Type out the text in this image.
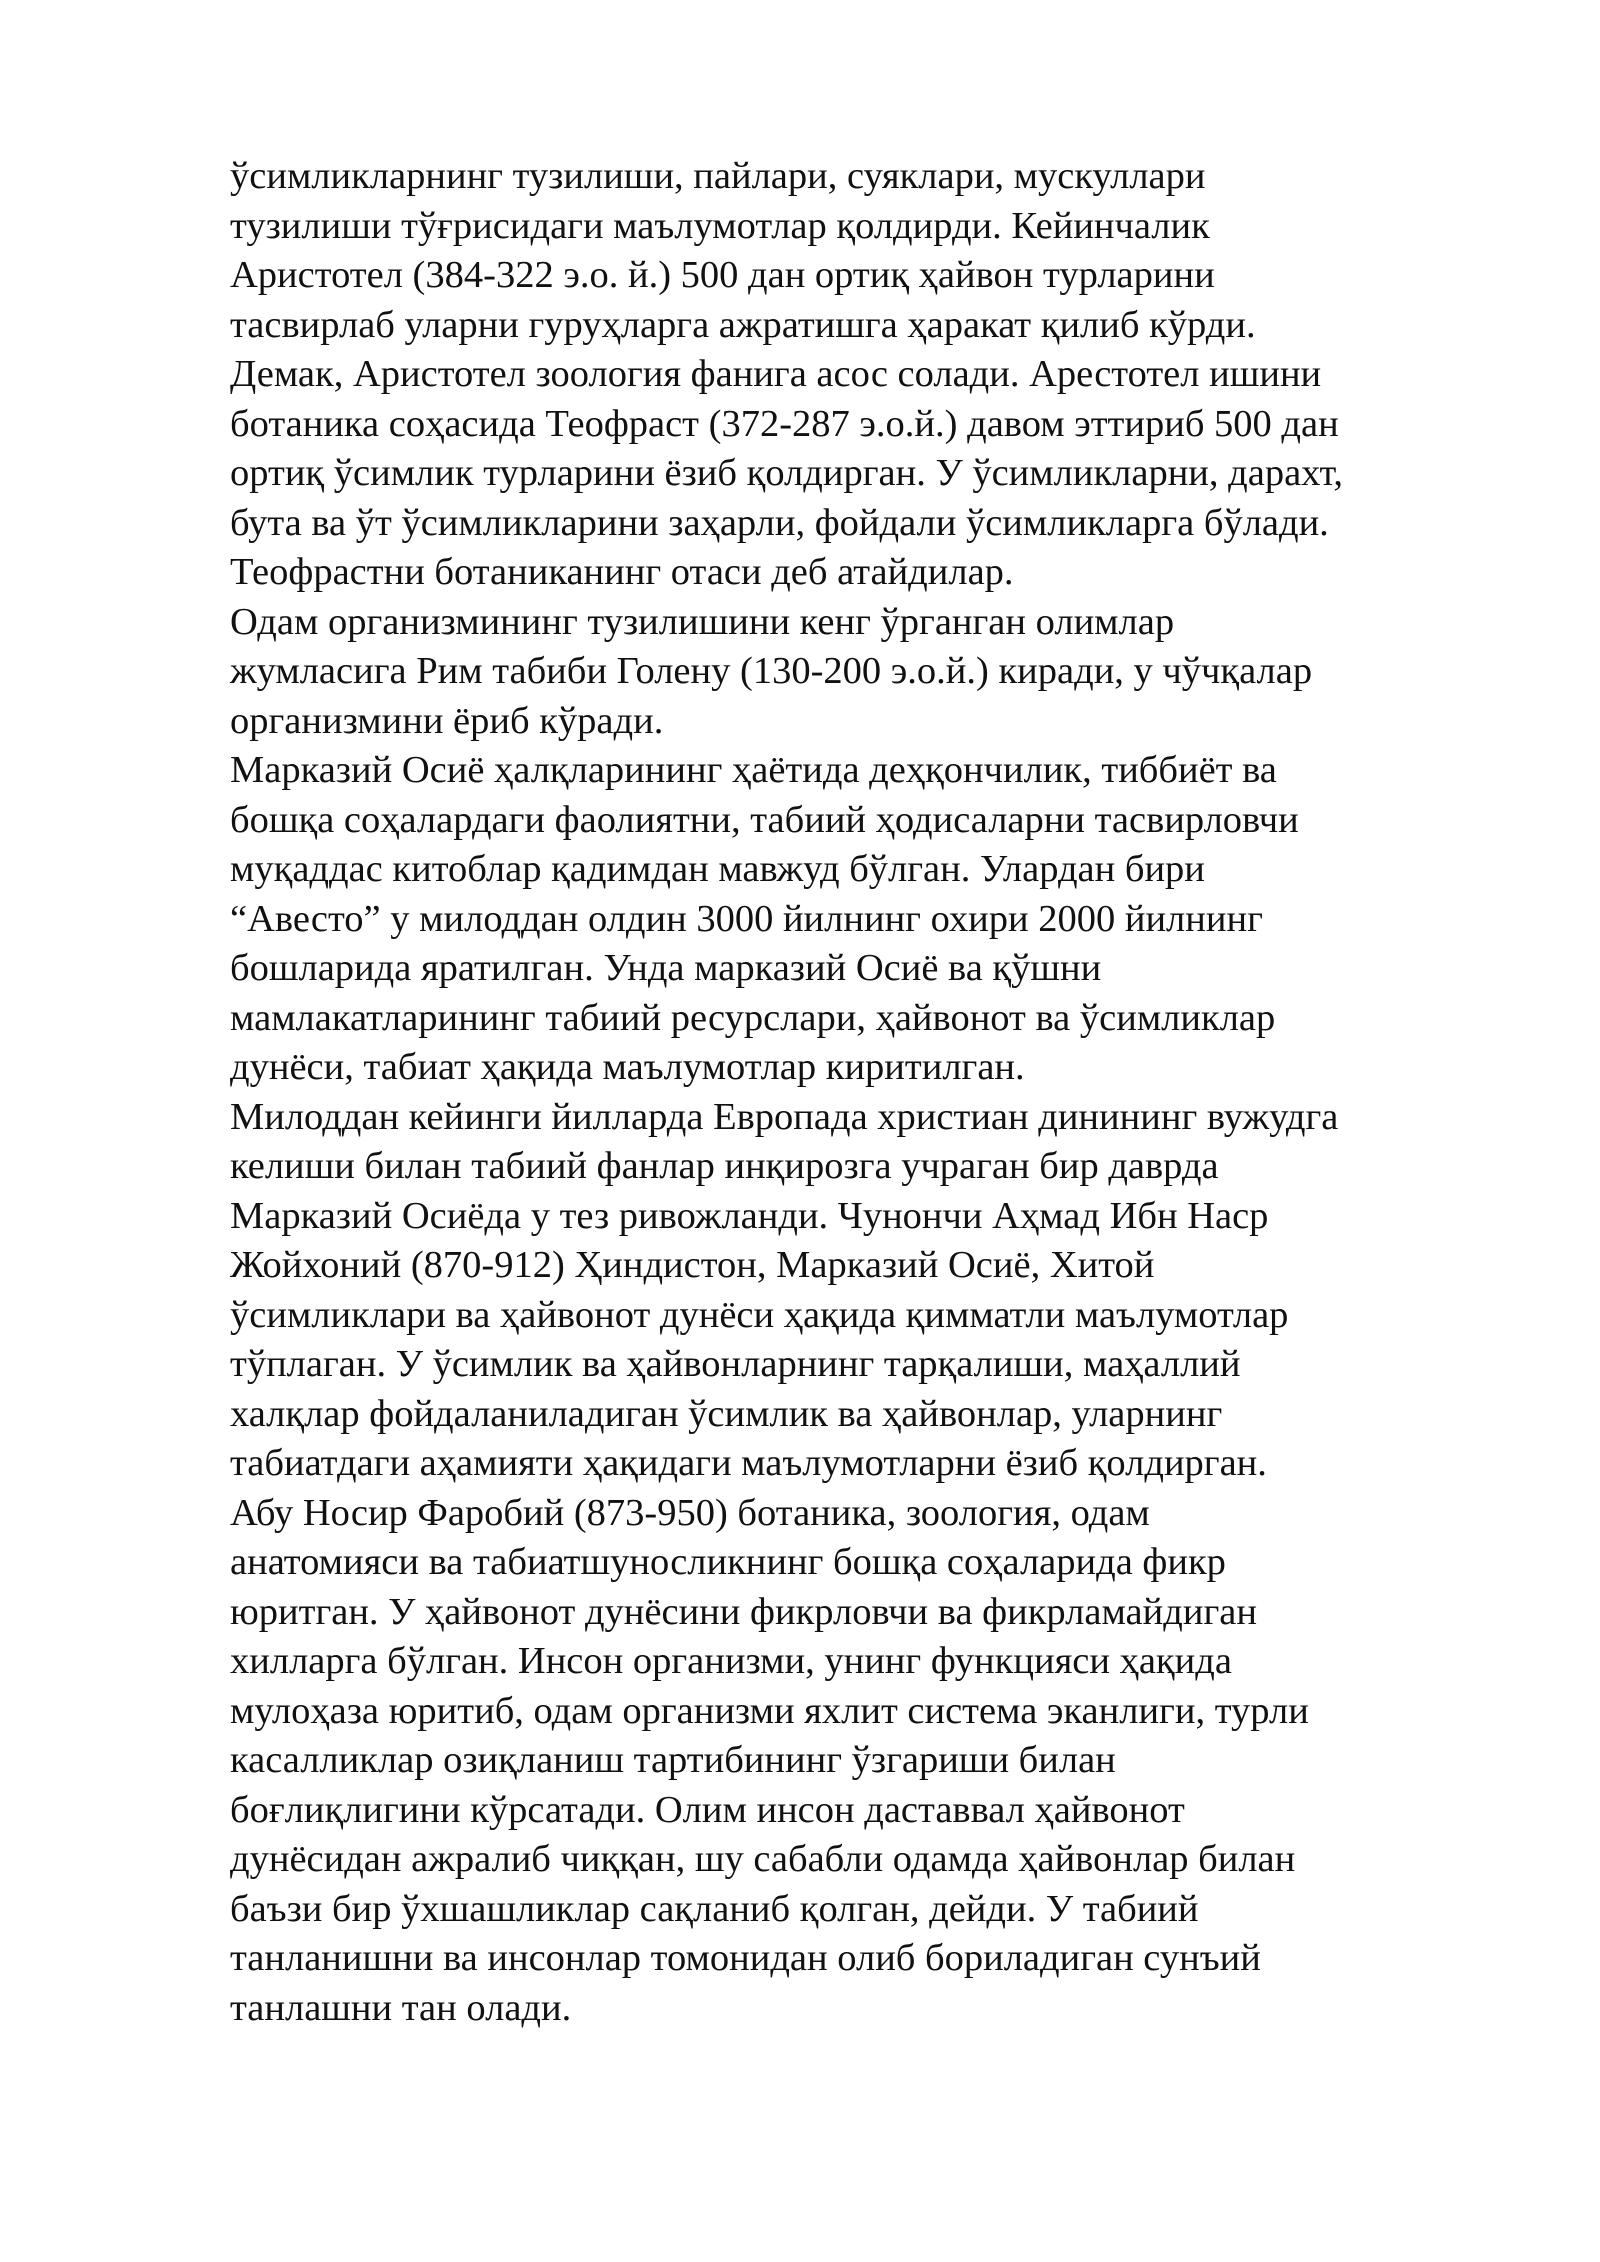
ўсимликларнинг тузилиши, пайлари, суяклари, мускуллари
тузилиши тўғрисидаги маълумотлар қолдирди. Кейинчалик
Аристотел (384-322 э.о. й.) 500 дан ортиқ ҳайвон турларини
тасвирлаб уларни гуруҳларга ажратишга ҳаракат қилиб кўрди.
Демак, Аристотел зоология фанига асос солади. Арестотел ишини
ботаника соҳасида Теофраст (372-287 э.о.й.) давом эттириб 500 дан
ортиқ ўсимлик турларини ёзиб қолдирган. У ўсимликларни, дарахт,
бута ва ўт ўсимликларини заҳарли, фойдали ўсимликларга бўлади.
Теофрастни ботаниканинг отаси деб атайдилар.
Одам организмининг тузилишини кенг ўрганган олимлар
жумласига Рим табиби Голену (130-200 э.о.й.) киради, у чўчқалар
организмини ёриб кўради.
Марказий Осиё ҳалқларининг ҳаётида деҳқончилик, тиббиёт ва
бошқа соҳалардаги фаолиятни, табиий ҳодисаларни тасвирловчи
муқаддас китоблар қадимдан мавжуд бўлган. Улардан бири
“Авесто” у милоддан олдин 3000 йилнинг охири 2000 йилнинг
бошларида яратилган. Унда марказий Осиё ва қўшни
мамлакатларининг табиий ресурслари, ҳайвонот ва ўсимликлар
дунёси, табиат ҳақида маълумотлар киритилган.
Милоддан кейинги йилларда Европада христиан динининг вужудга
келиши билан табиий фанлар инқирозга учраган бир даврда
Марказий Осиёда у тез ривожланди. Чунончи Аҳмад Ибн Наср
Жойхоний (870-912) Ҳиндистон, Марказий Осиё, Хитой
ўсимликлари ва ҳайвонот дунёси ҳақида қимматли маълумотлар
тўплаган. У ўсимлик ва ҳайвонларнинг тарқалиши, маҳаллий
халқлар фойдаланиладиган ўсимлик ва ҳайвонлар, уларнинг
табиатдаги аҳамияти ҳақидаги маълумотларни ёзиб қолдирган.
Абу Носир Фаробий (873-950) ботаника, зоология, одам
анатомияси ва табиатшуносликнинг бошқа соҳаларида фикр
юритган. У ҳайвонот дунёсини фикрловчи ва фикрламайдиган
хилларга бўлган. Инсон организми, унинг функцияси ҳақида
мулоҳаза юритиб, одам организми яхлит система эканлиги, турли
касалликлар озиқланиш тартибининг ўзгариши билан
боғлиқлигини кўрсатади. Олим инсон даставвал ҳайвонот
дунёсидан ажралиб чиққан, шу сабабли одамда ҳайвонлар билан
баъзи бир ўхшашликлар сақланиб қолган, дейди. У табиий
танланишни ва инсонлар томонидан олиб бориладиган сунъий
танлашни тан олади.
